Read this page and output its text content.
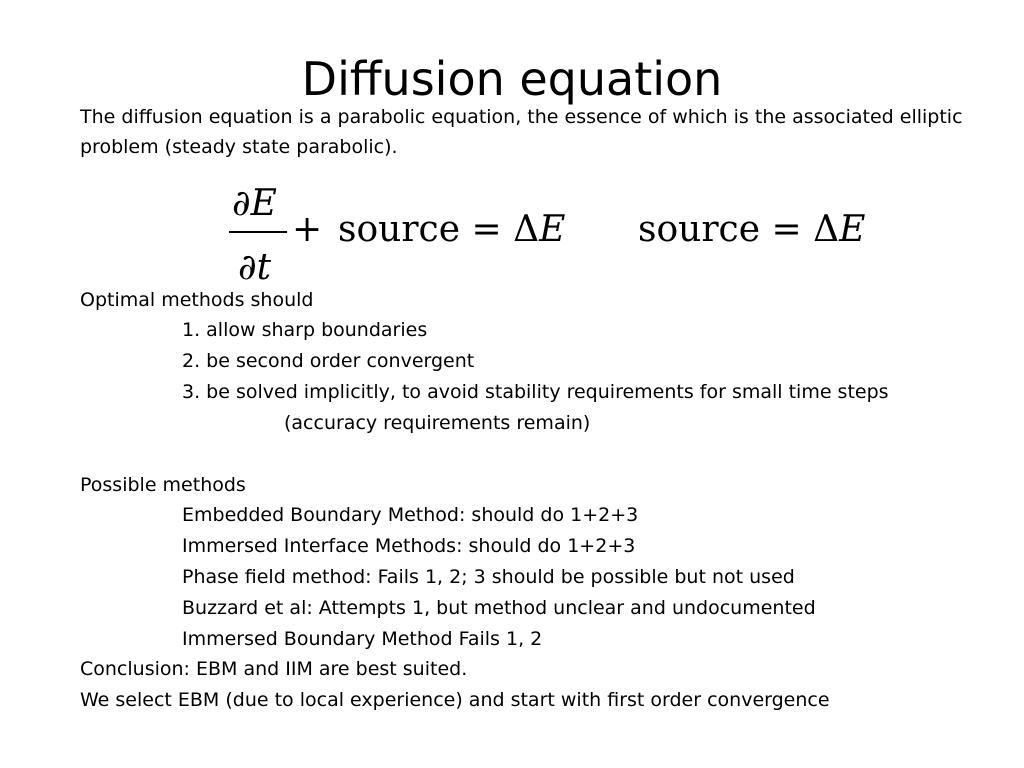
Diffusion equation
The diffusion equation is a parabolic equation, the essence of which is the associated elliptic problem (steady state parabolic).
∂E
∂t
+ source = ΔE source = ΔE
Optimal methods should
1. allow sharp boundaries
2. be second order convergent
3. be solved implicitly, to avoid stability requirements for small time steps
(accuracy requirements remain)
Possible methods
Embedded Boundary Method: should do 1+2+3
Immersed Interface Methods: should do 1+2+3
Phase field method: Fails 1, 2; 3 should be possible but not used
Buzzard et al: Attempts 1, but method unclear and undocumented
Immersed Boundary Method Fails 1, 2
Conclusion: EBM and IIM are best suited.
We select EBM (due to local experience) and start with first order convergence
